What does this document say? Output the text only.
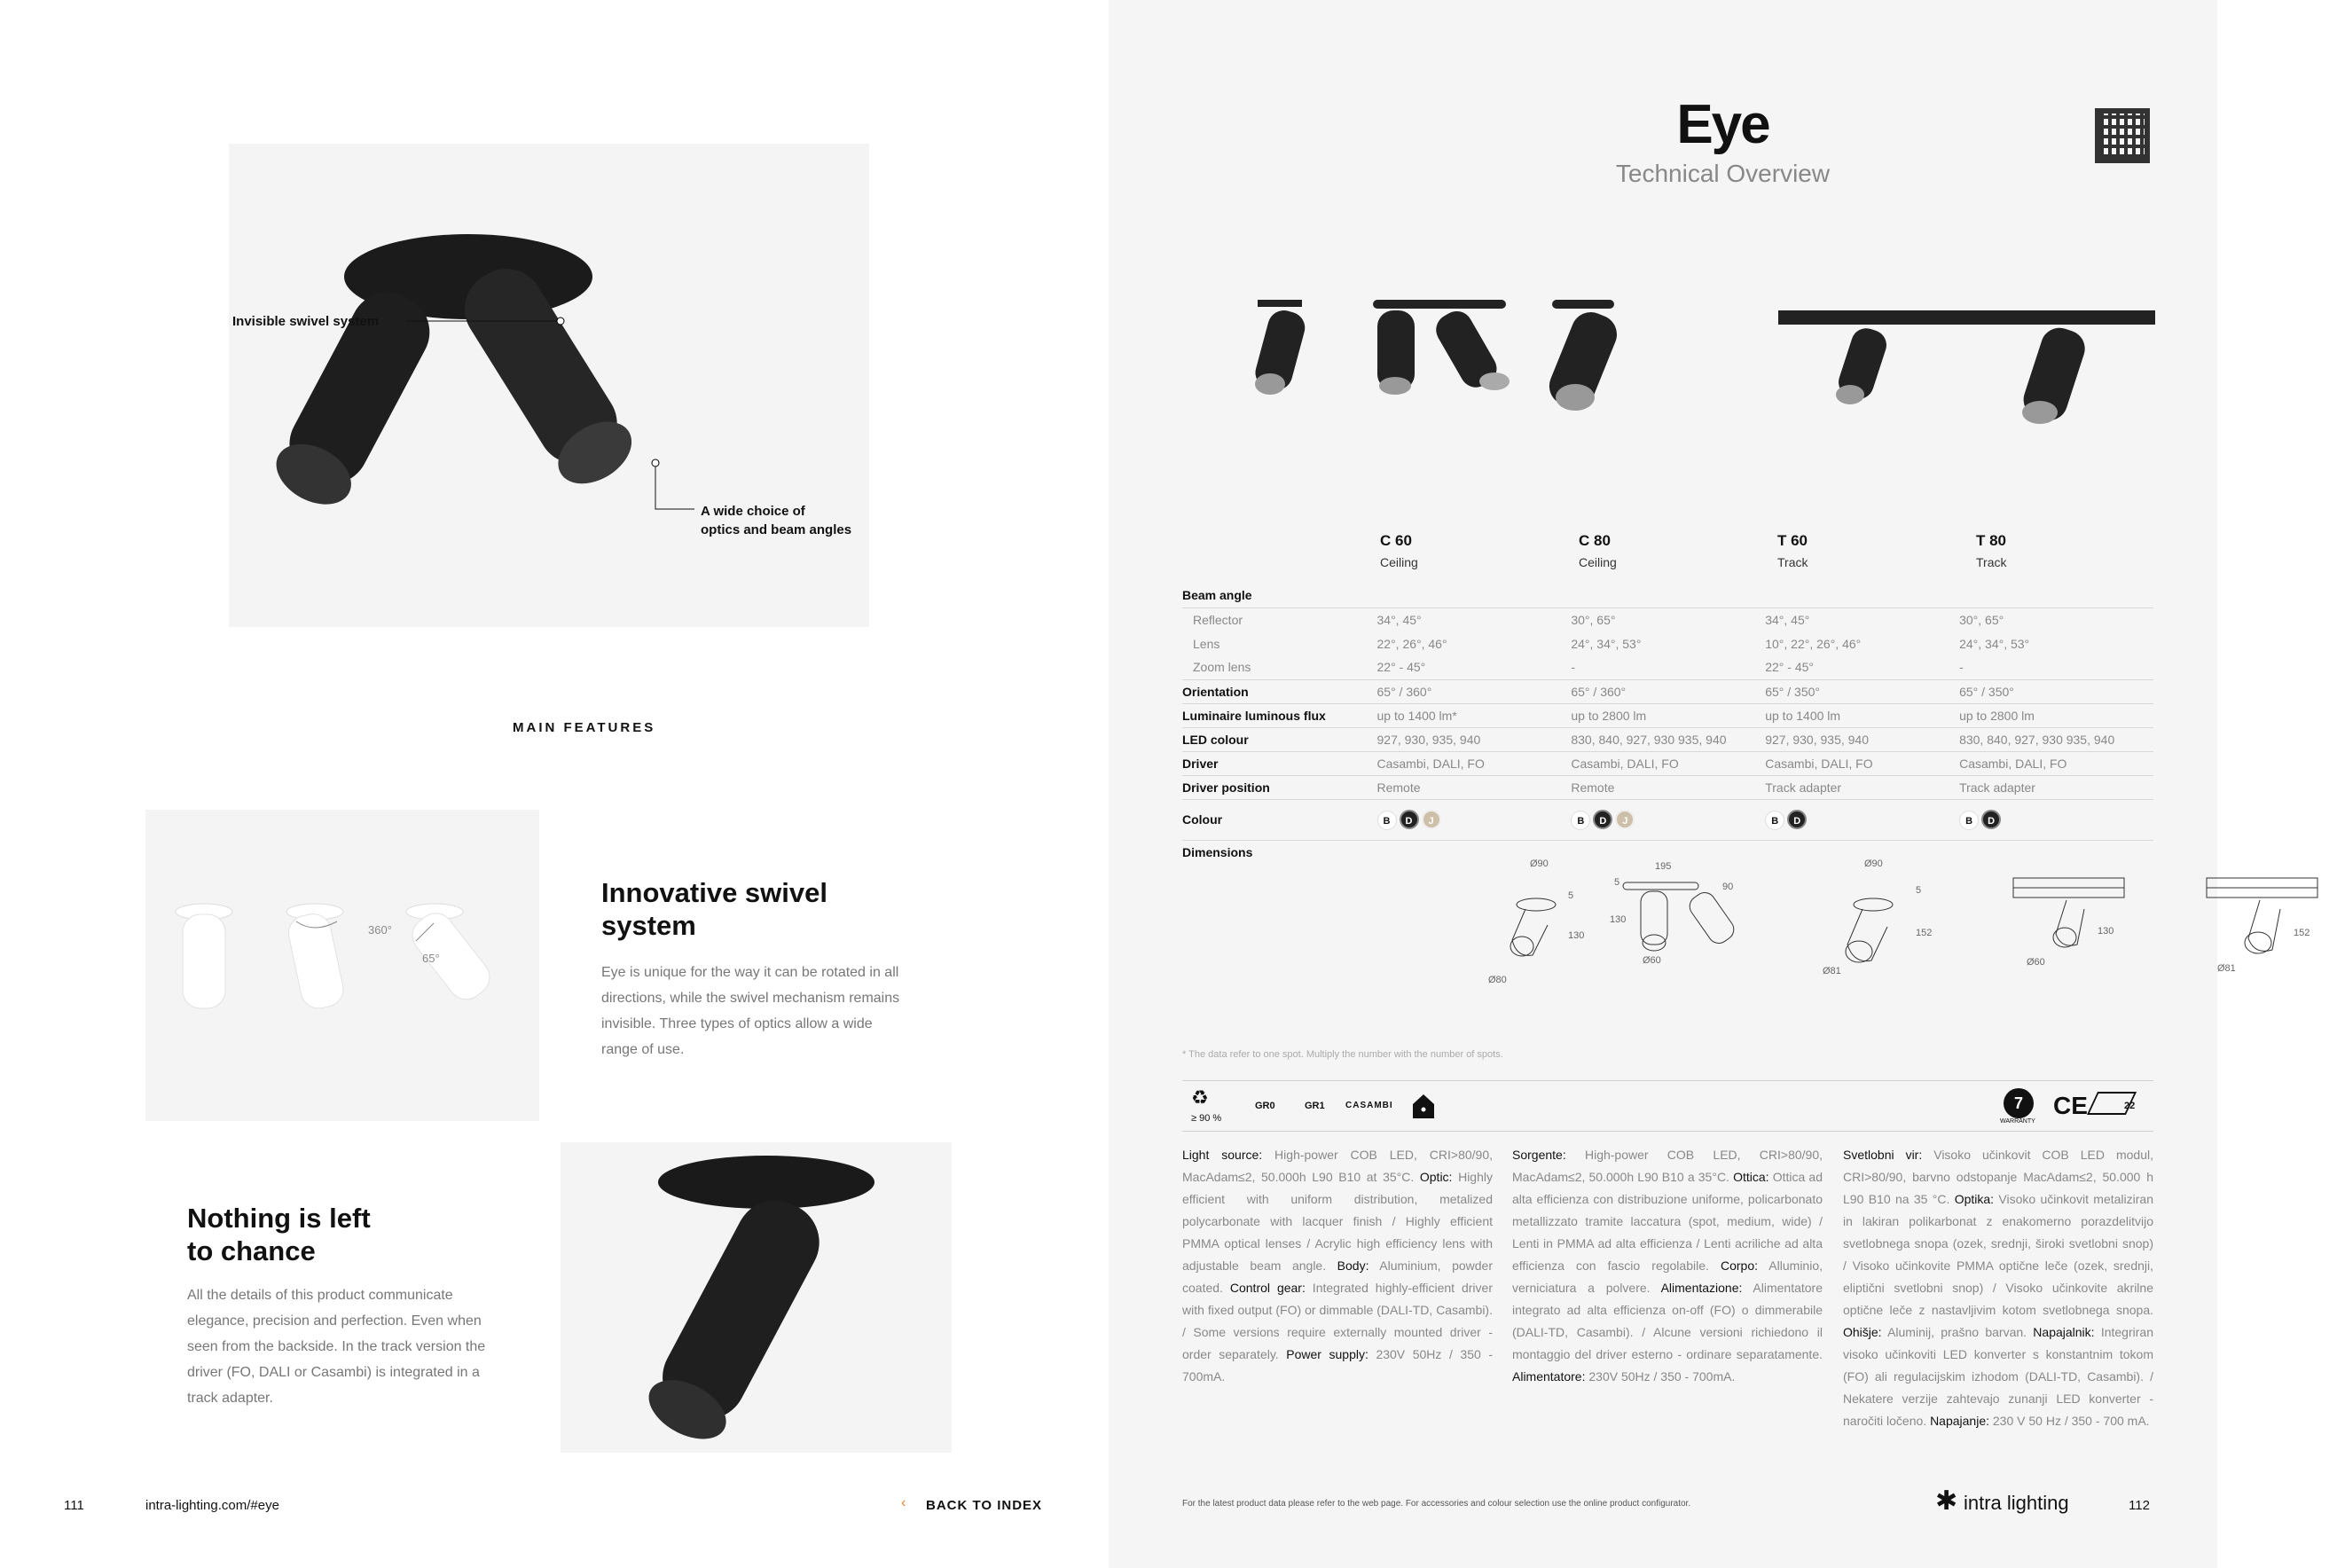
Invisible swivel system
A wide choice of
optics and beam angles
MAIN FEATURES
360°
65°
Innovative swivel
system
Eye is unique for the way it can be rotated in all directions, while the swivel mechanism remains invisible. Three types of optics allow a wide range of use.
Nothing is left
to chance
All the details of this product communicate elegance, precision and perfection. Even when seen from the backside. In the track version the driver (FO, DALI or Casambi) is integrated in a track adapter.
111	intra-lighting.com/#eye	‹ BACK TO INDEX
Eye
Technical Overview
C 60
Ceiling
C 80
Ceiling
T 60
Track
T 80
Track
Beam angle				
Reflector	34°, 45°	30°, 65°	34°, 45°	30°, 65°
Lens	22°, 26°, 46°	24°, 34°, 53°	10°, 22°, 26°, 46°	24°, 34°, 53°
Zoom lens	22° - 45°	-	22° - 45°	-
Orientation	65° / 360°	65° / 360°	65° / 350°	65° / 350°
Luminaire luminous flux	up to 1400 lm*	up to 2800 lm	up to 1400 lm	up to 2800 lm
LED colour	927, 930, 935, 940	830, 840, 927, 930 935, 940	927, 930, 935, 940	830, 840, 927, 930 935, 940
Driver	Casambi, DALI, FO	Casambi, DALI, FO	Casambi, DALI, FO	Casambi, DALI, FO
Driver position	Remote	Remote	Track adapter	Track adapter
Colour	B D J	B D J	B D	B D
Dimensions				
Ø90
5
130
Ø80
195
5
130
Ø60
90
Ø90
5
152
Ø81
130
Ø60
152
Ø81
* The data refer to one spot. Multiply the number with the number of spots.
♻
≥ 90 %
GR0	GR1 CASAMBI	7
WARRANTY
CE	22
Light source: High-power COB LED, CRI>80/90, MacAdam≤2, 50.000h L90 B10 at 35°C. Optic: Highly efficient with uniform distribution, metalized polycarbonate with lacquer finish / Highly efficient PMMA optical lenses / Acrylic high efficiency lens with adjustable beam angle. Body: Aluminium, powder coated. Control gear: Integrated highly-efficient driver with fixed output (FO) or dimmable (DALI-TD, Casambi). / Some versions require externally mounted driver - order separately. Power supply: 230V 50Hz / 350 - 700mA.
Sorgente: High-power COB LED, CRI>80/90, MacAdam≤2, 50.000h L90 B10 a 35°C. Ottica: Ottica ad alta efficienza con distribuzione uniforme, policarbonato metallizzato tramite laccatura (spot, medium, wide) / Lenti in PMMA ad alta efficienza / Lenti acriliche ad alta efficienza con fascio regolabile. Corpo: Alluminio, verniciatura a polvere. Alimentazione: Alimentatore integrato ad alta efficienza on-off (FO) o dimmerabile (DALI-TD, Casambi). / Alcune versioni richiedono il montaggio del driver esterno - ordinare separatamente. Alimentatore: 230V 50Hz / 350 - 700mA.
Svetlobni vir: Visoko učinkovit COB LED modul, CRI>80/90, barvno odstopanje MacAdam≤2, 50.000 h L90 B10 na 35 °C. Optika: Visoko učinkovit metaliziran in lakiran polikarbonat z enakomerno porazdelitvijo svetlobnega snopa (ozek, srednji, široki svetlobni snop) / Visoko učinkovite PMMA optične leče (ozek, srednji, eliptični svetlobni snop) / Visoko učinkovite akrilne optične leče z nastavljivim kotom svetlobnega snopa. Ohišje: Aluminij, prašno barvan. Napajalnik: Integriran visoko učinkoviti LED konverter s konstantnim tokom (FO) ali regulacijskim izhodom (DALI-TD, Casambi). / Nekatere verzije zahtevajo zunanji LED konverter - naročiti ločeno. Napajanje: 230 V 50 Hz / 350 - 700 mA.
For the latest product data please refer to the web page. For accessories and colour selection use the online product configurator.	✱ intra lighting	112
